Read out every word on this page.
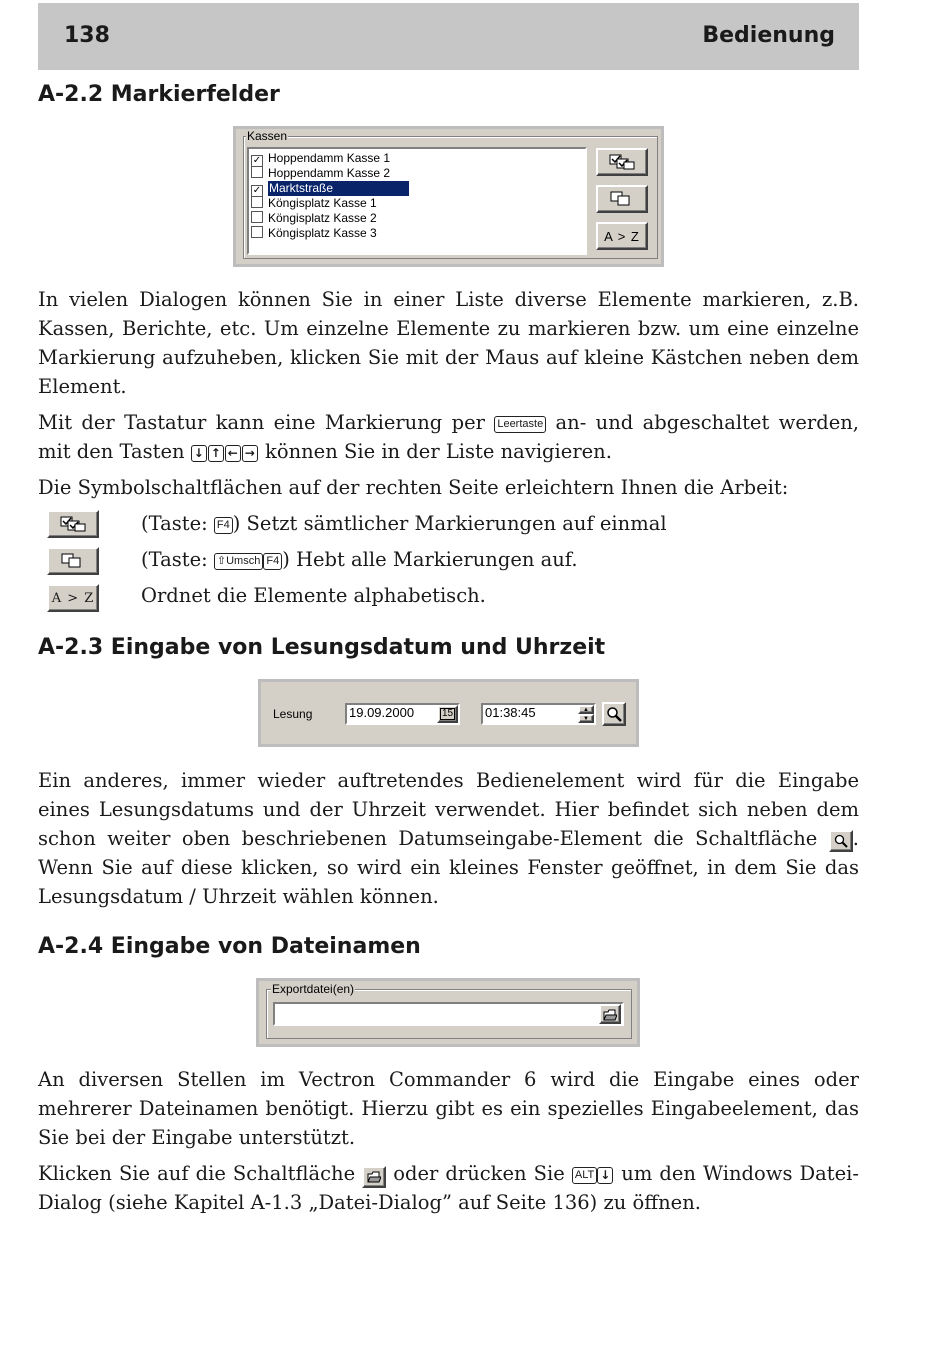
138	Bedienung
A-2.2 Markierfelder
Kassen
✓ Hoppendamm Kasse 1
Hoppendamm Kasse 2
✓ Marktstraße
Köngisplatz Kasse 1
Köngisplatz Kasse 2
Köngisplatz Kasse 3	A > Z

In vielen Dialogen können Sie in einer Liste diverse Elemente markieren, z.B. Kassen, Berichte, etc. Um einzelne Elemente zu markieren bzw. um eine einzelne Markierung aufzuheben, klicken Sie mit der Maus auf kleine Kästchen neben dem Element.

Mit der Tastatur kann eine Markierung per Leertaste an- und abgeschaltet werden, mit den Tasten ↓ ↑ ← → können Sie in der Liste navigieren.

Die Symbolschaltflächen auf der rechten Seite erleichtern Ihnen die Arbeit:

(Taste: F4 ) Setzt sämtlicher Markierungen auf einmal
(Taste: ⇧Umsch F4 ) Hebt alle Markierungen auf.
A > Z Ordnet die Elemente alphabetisch.
A-2.3 Eingabe von Lesungsdatum und Uhrzeit
Lesung	19.09.2000	15	01:38:45	▲
▼

Ein anderes, immer wieder auftretendes Bedienelement wird für die Eingabe eines Lesungsdatums und der Uhrzeit verwendet. Hier befindet sich neben dem schon weiter oben beschriebenen Datumseingabe-Element die Schaltfläche
. Wenn Sie auf diese klicken, so wird ein kleines Fenster geöffnet, in dem Sie das Lesungsdatum / Uhrzeit wählen können.

A-2.4 Eingabe von Dateinamen
Exportdatei(en)

An diversen Stellen im Vectron Commander 6 wird die Eingabe eines oder mehrerer Dateinamen benötigt. Hierzu gibt es ein spezielles Eingabeelement, das Sie bei der Eingabe unterstützt.

Klicken Sie auf die Schaltfläche
oder drücken Sie ALT ↓ um den Windows Datei-Dialog (siehe Kapitel A-1.3 „Datei-Dialog” auf Seite 136) zu öffnen.
